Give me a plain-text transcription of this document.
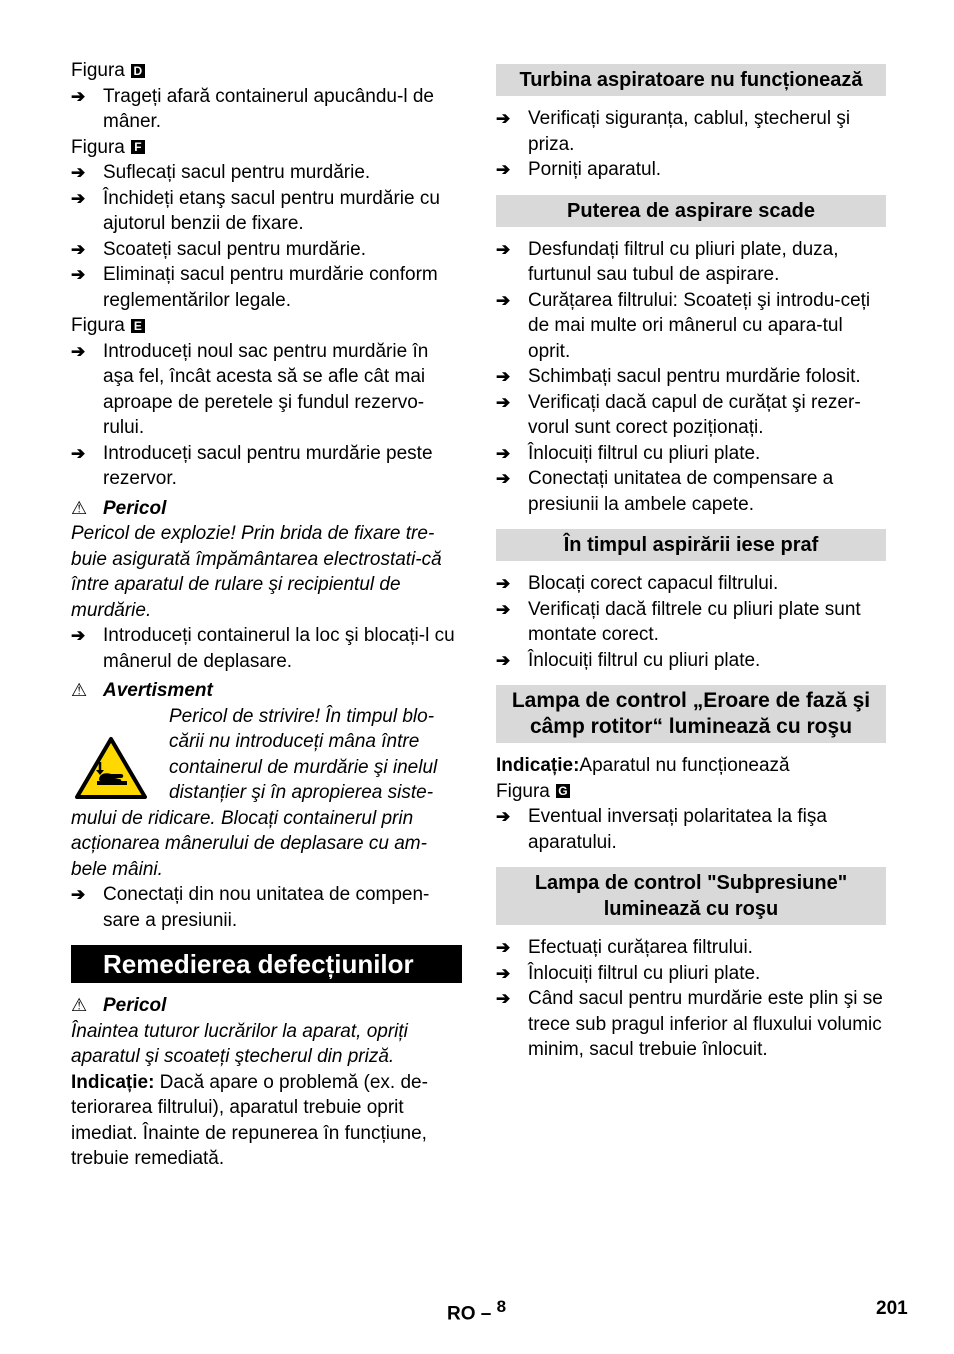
Figura D
➔ Trageți afară containerul apucându-l de mâner.
Figura F
➔ Suflecați sacul pentru murdărie.
➔ Închideți etanş sacul pentru murdărie cu ajutorul benzii de fixare.
➔ Scoateți sacul pentru murdărie.
➔ Eliminați sacul pentru murdărie conform reglementărilor legale.
Figura E
➔ Introduceți noul sac pentru murdărie în aşa fel, încât acesta să se afle cât mai aproape de peretele şi fundul rezervo-rului.
➔ Introduceți sacul pentru murdărie peste rezervor.
⚠ Pericol
Pericol de explozie! Prin brida de fixare tre-buie asigurată împământarea electrostati-că între aparatul de rulare şi recipientul de murdărie.
➔ Introduceți containerul la loc şi blocați-l cu mânerul de deplasare.
⚠ Avertisment
Pericol de strivire! În timpul blo-cării nu introduceți mâna între containerul de murdărie şi inelul distanțier şi în apropierea siste-
mului de ridicare. Blocați containerul prin acționarea mânerului de deplasare cu am-bele mâini.
➔ Conectați din nou unitatea de compen-sare a presiunii.
Remedierea defecțiunilor
⚠ Pericol
Înaintea tuturor lucrărilor la aparat, opriți aparatul şi scoateți ştecherul din priză.
Indicație: Dacă apare o problemă (ex. de-teriorarea filtrului), aparatul trebuie oprit imediat. Înainte de repunerea în funcțiune, trebuie remediată.
Turbina aspiratoare nu funcționează
➔ Verificați siguranța, cablul, ştecherul şi priza.
➔ Porniți aparatul.
Puterea de aspirare scade
➔ Desfundați filtrul cu pliuri plate, duza, furtunul sau tubul de aspirare.
➔ Curățarea filtrului: Scoateți şi introdu-ceți de mai multe ori mânerul cu apara-tul oprit.
➔ Schimbați sacul pentru murdărie folosit.
➔ Verificați dacă capul de curățat şi rezer-vorul sunt corect poziționați.
➔ Înlocuiți filtrul cu pliuri plate.
➔ Conectați unitatea de compensare a presiunii la ambele capete.
În timpul aspirării iese praf
➔ Blocați corect capacul filtrului.
➔ Verificați dacă filtrele cu pliuri plate sunt montate corect.
➔ Înlocuiți filtrul cu pliuri plate.
Lampa de control „Eroare de fază şi câmp rotitor“ luminează cu roşu
Indicație:Aparatul nu funcționează
Figura G
➔ Eventual inversați polaritatea la fişa aparatului.
Lampa de control "Subpresiune" luminează cu roşu
➔ Efectuați curățarea filtrului.
➔ Înlocuiți filtrul cu pliuri plate.
➔ Când sacul pentru murdărie este plin şi se trece sub pragul inferior al fluxului volumic minim, sacul trebuie înlocuit.
RO – $^8$	201
